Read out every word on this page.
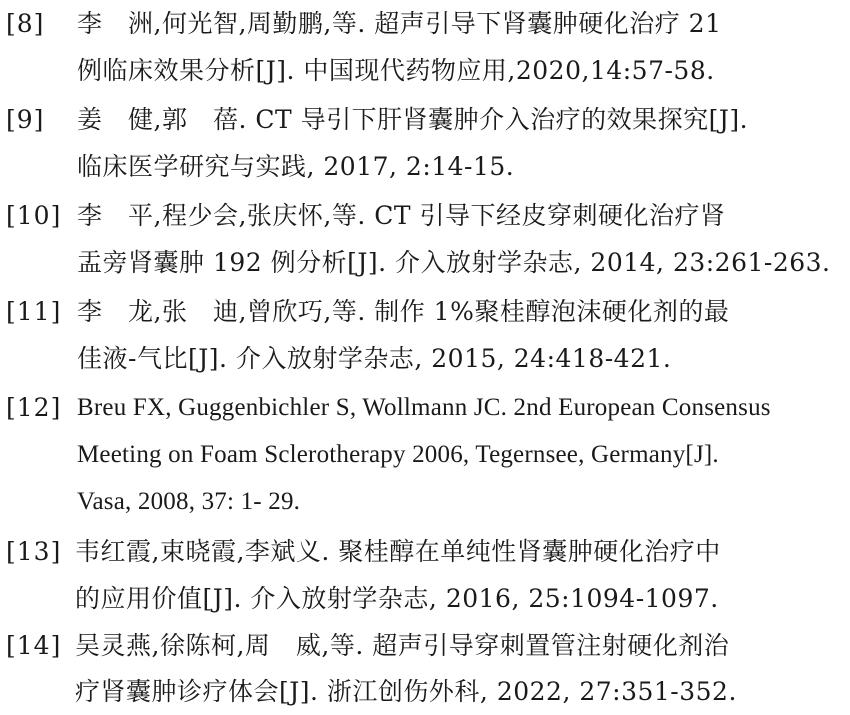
[8] 李　洲,何光智,周勤鹏,等. 超声引导下肾囊肿硬化治疗 21
例临床效果分析[J]. 中国现代药物应用,2020,14:57-58.
[9] 姜　健,郭　蓓. CT 导引下肝肾囊肿介入治疗的效果探究[J].
临床医学研究与实践, 2017, 2:14-15.
[10] 李　平,程少会,张庆怀,等. CT 引导下经皮穿刺硬化治疗肾
盂旁肾囊肿 192 例分析[J]. 介入放射学杂志, 2014, 23:261-263.
[11] 李　龙,张　迪,曾欣巧,等. 制作 1%聚桂醇泡沫硬化剂的最
佳液-气比[J]. 介入放射学杂志, 2015, 24:418-421.
[12] Breu FX, Guggenbichler S, Wollmann JC. 2nd European Consensus
Meeting on Foam Sclerotherapy 2006, Tegernsee, Germany[J].
Vasa, 2008, 37: 1- 29.
[13] 韦红霞,束晓霞,李斌义. 聚桂醇在单纯性肾囊肿硬化治疗中
的应用价值[J]. 介入放射学杂志, 2016, 25:1094-1097.
[14] 吴灵燕,徐陈柯,周　威,等. 超声引导穿刺置管注射硬化剂治
疗肾囊肿诊疗体会[J]. 浙江创伤外科, 2022, 27:351-352.
